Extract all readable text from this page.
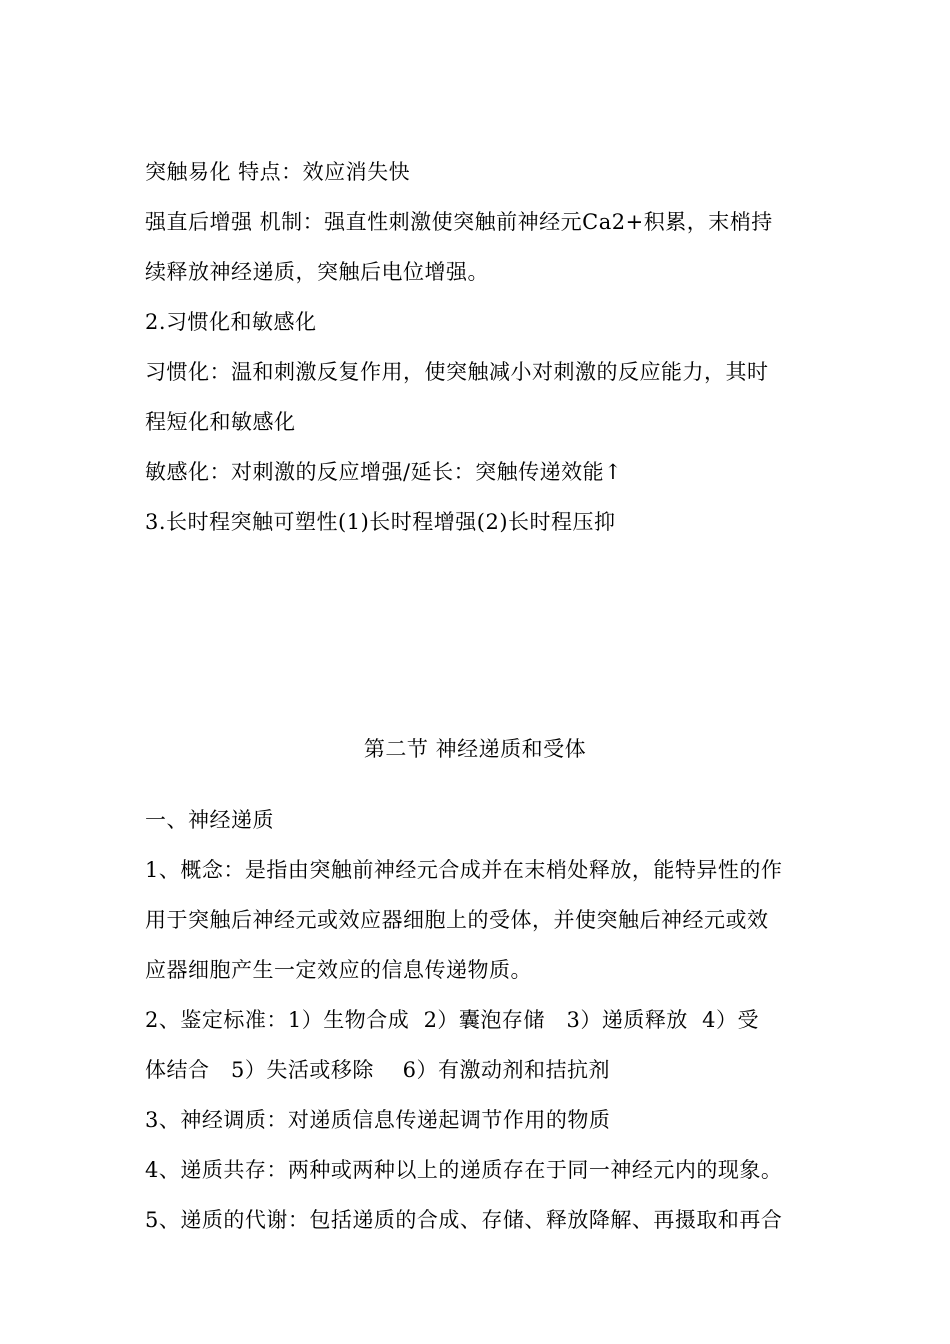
突触易化 特点：效应消失快

强直后增强 机制：强直性刺激使突触前神经元Ca2+积累，末梢持

续释放神经递质，突触后电位增强。

2.习惯化和敏感化

习惯化：温和刺激反复作用，使突触减小对刺激的反应能力，其时

程短化和敏感化

敏感化：对刺激的反应增强/延长：突触传递效能↑

3.长时程突触可塑性(1)长时程增强(2)长时程压抑

第二节 神经递质和受体

一、神经递质

1、概念：是指由突触前神经元合成并在末梢处释放，能特异性的作

用于突触后神经元或效应器细胞上的受体，并使突触后神经元或效

应器细胞产生一定效应的信息传递物质。

2、鉴定标准：1）生物合成  2）囊泡存储   3）递质释放  4）受

体结合   5）失活或移除    6）有激动剂和拮抗剂

3、神经调质：对递质信息传递起调节作用的物质

4、递质共存：两种或两种以上的递质存在于同一神经元内的现象。

5、递质的代谢：包括递质的合成、存储、释放降解、再摄取和再合
